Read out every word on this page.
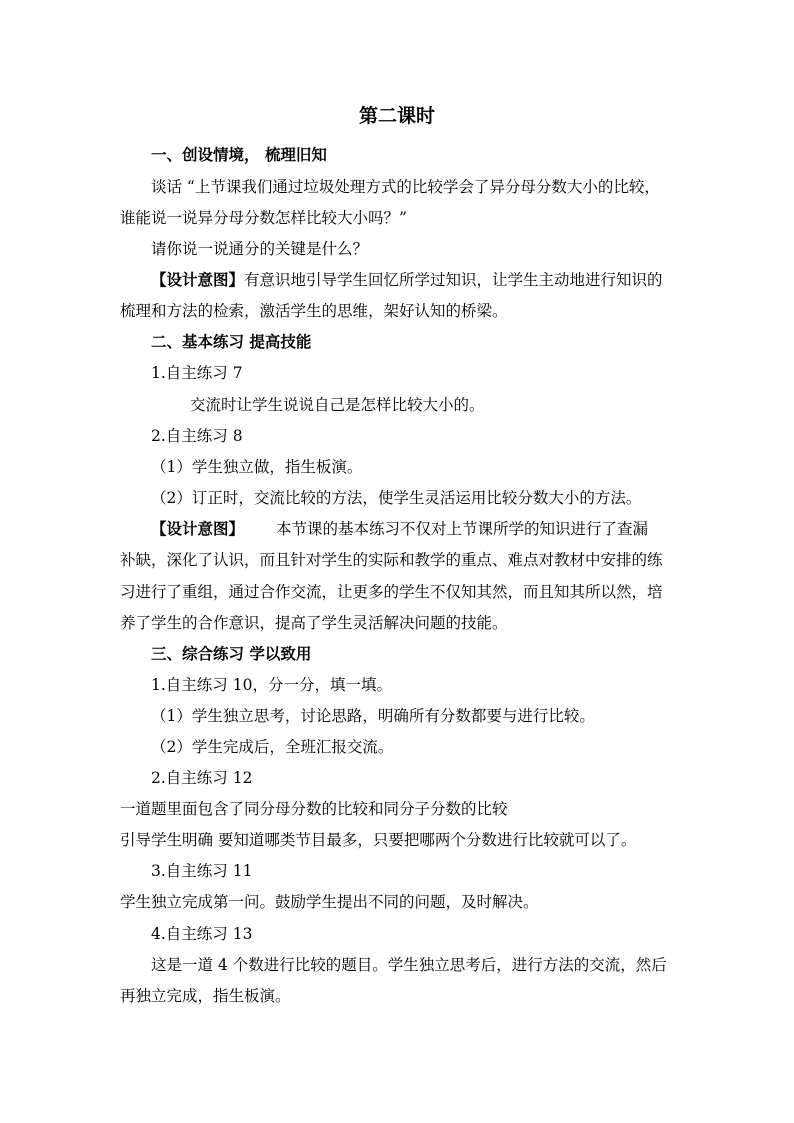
第二课时
一、创设情境， 梳理旧知
谈话 “上节课我们通过垃圾处理方式的比较学会了异分母分数大小的比较，
谁能说一说异分母分数怎样比较大小吗？”
请你说一说通分的关键是什么？
【设计意图】有意识地引导学生回忆所学过知识，让学生主动地进行知识的
梳理和方法的检索，激活学生的思维，架好认知的桥梁。
二、基本练习 提高技能
1.自主练习 7
交流时让学生说说自己是怎样比较大小的。
2.自主练习 8
（1）学生独立做，指生板演。
（2）订正时，交流比较的方法，使学生灵活运用比较分数大小的方法。
【设计意图】 本节课的基本练习不仅对上节课所学的知识进行了查漏
补缺，深化了认识，而且针对学生的实际和教学的重点、难点对教材中安排的练
习进行了重组，通过合作交流，让更多的学生不仅知其然，而且知其所以然，培
养了学生的合作意识，提高了学生灵活解决问题的技能。
三、综合练习 学以致用
1.自主练习 10，分一分，填一填。
（1）学生独立思考，讨论思路，明确所有分数都要与进行比较。
（2）学生完成后，全班汇报交流。
2.自主练习 12
一道题里面包含了同分母分数的比较和同分子分数的比较
引导学生明确 要知道哪类节目最多，只要把哪两个分数进行比较就可以了。
3.自主练习 11
学生独立完成第一问。鼓励学生提出不同的问题，及时解决。
4.自主练习 13
这是一道 4 个数进行比较的题目。学生独立思考后，进行方法的交流，然后
再独立完成，指生板演。
